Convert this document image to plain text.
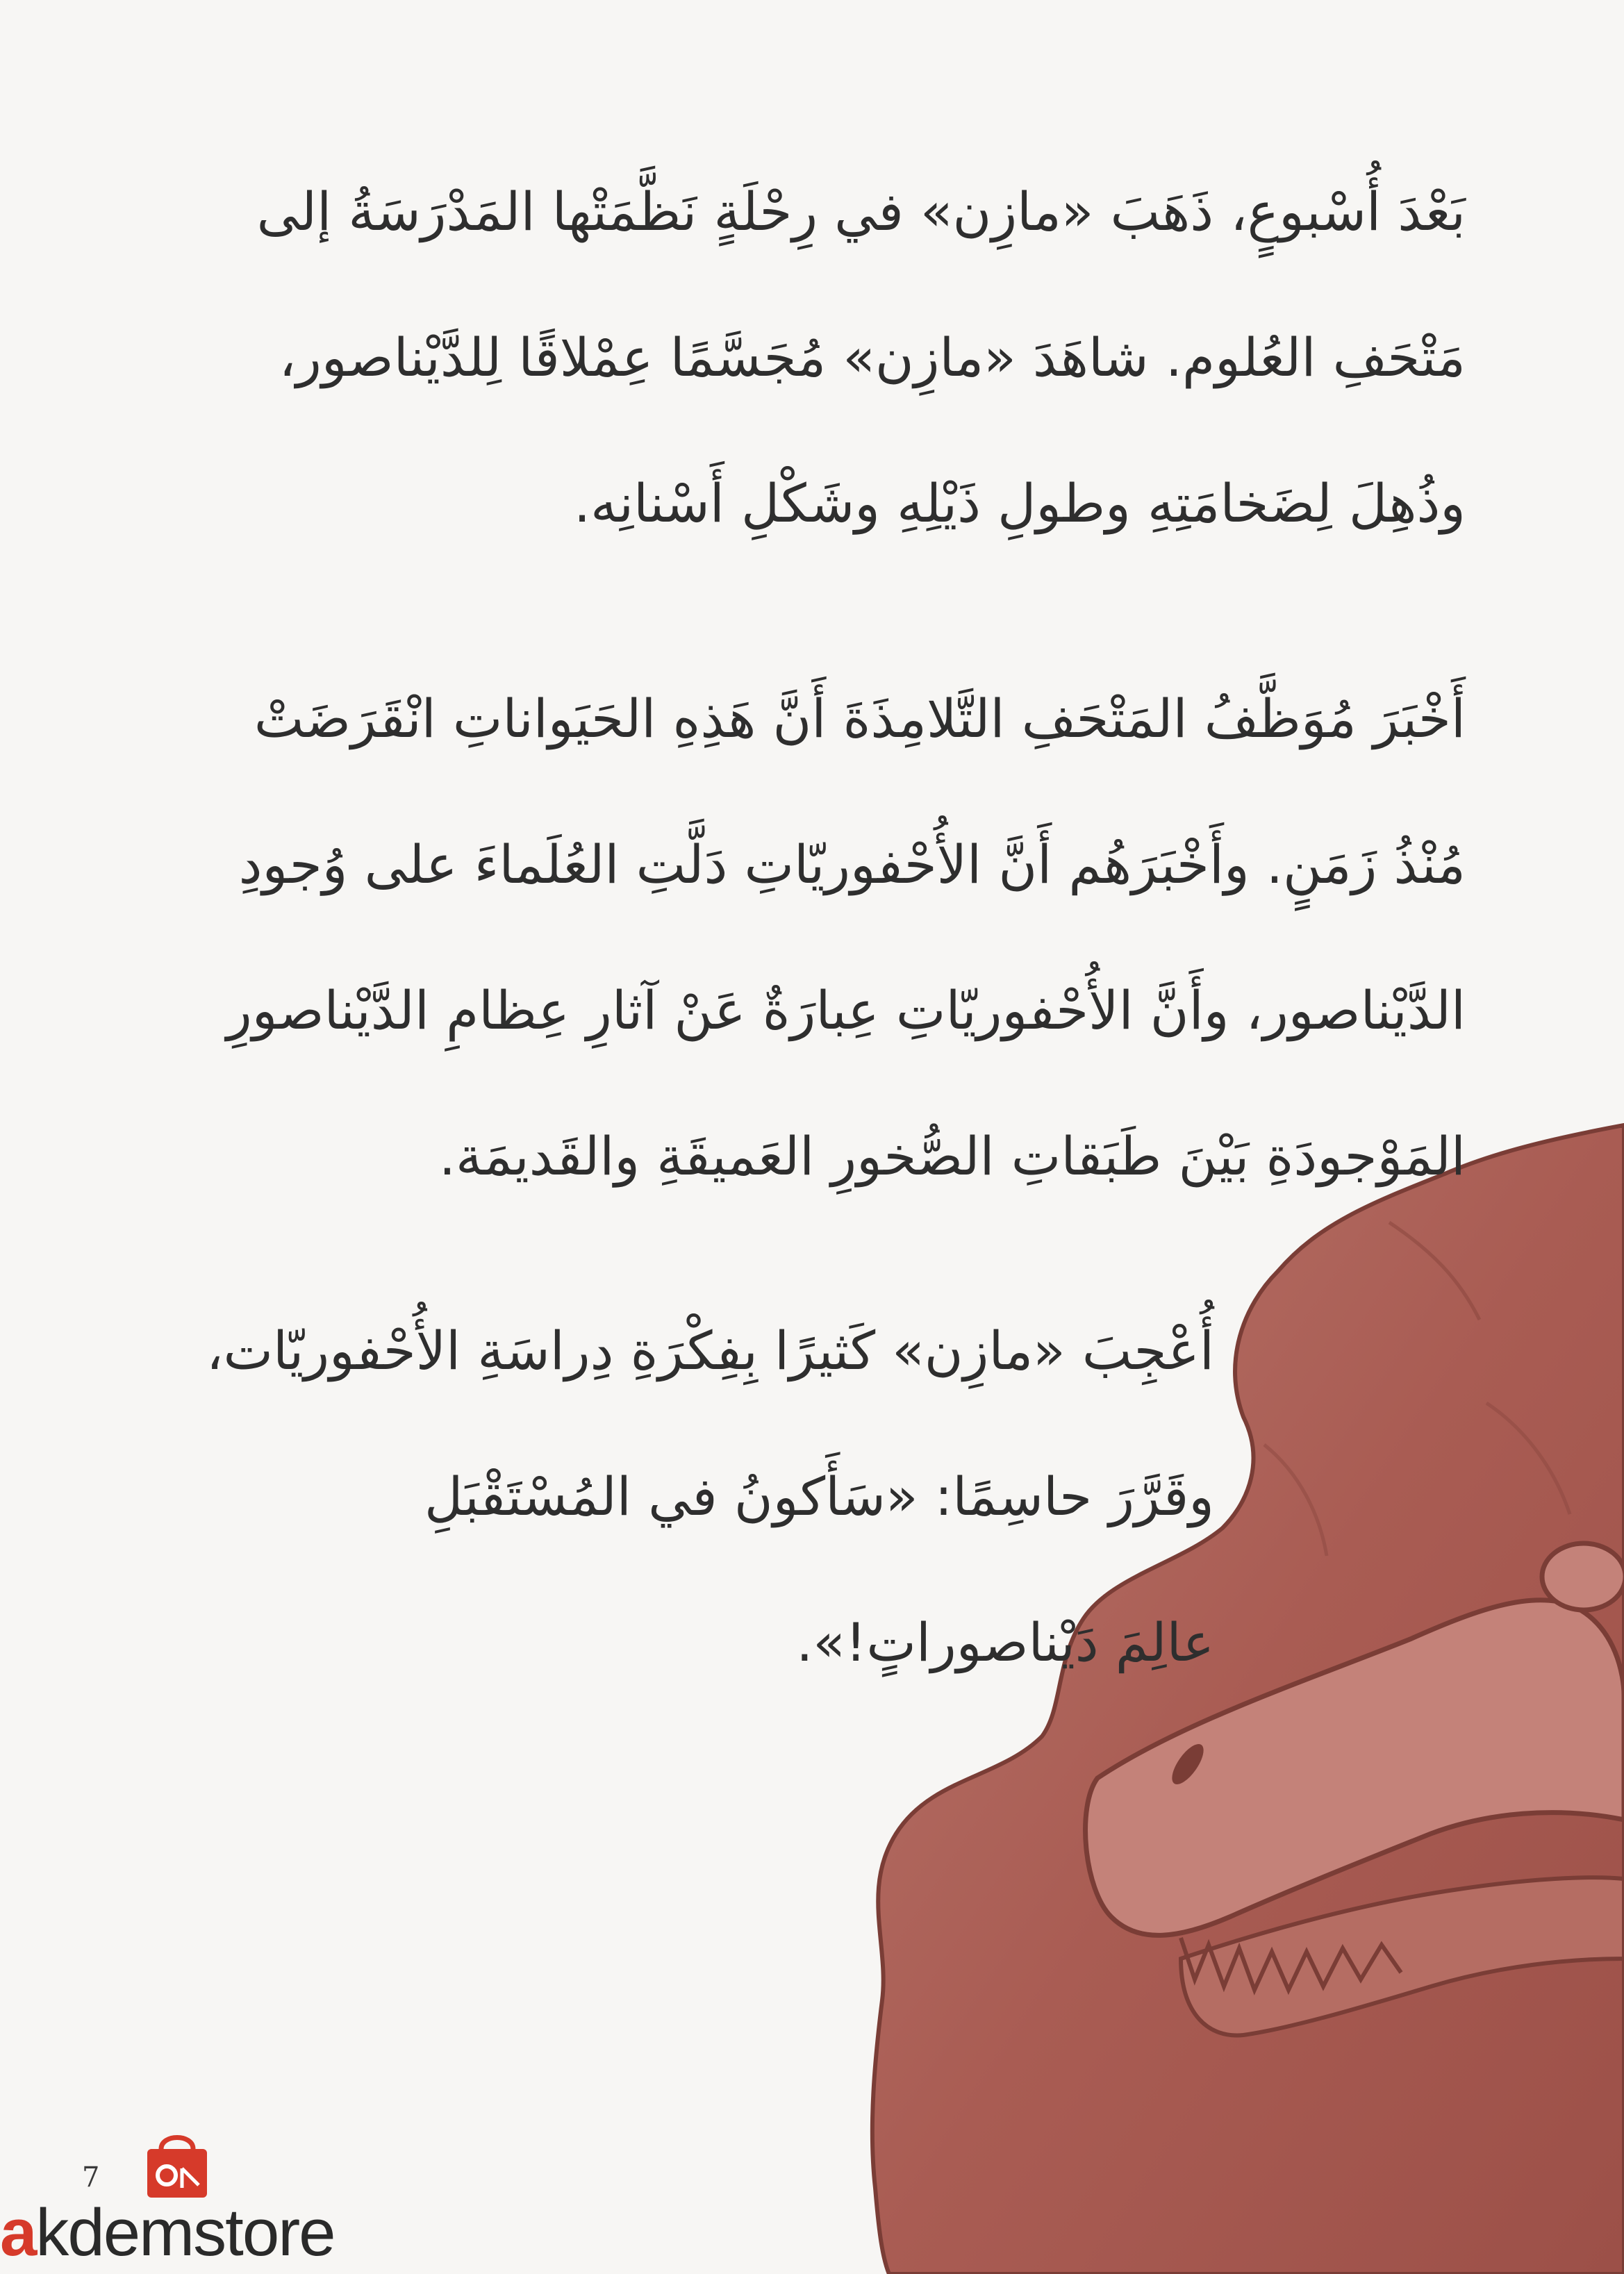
بَعْدَ أُسْبوعٍ، ذَهَبَ «مازِن» في رِحْلَةٍ نَظَّمَتْها المَدْرَسَةُ إلى
مَتْحَفِ العُلوم. شاهَدَ «مازِن» مُجَسَّمًا عِمْلاقًا لِلدَّيْناصور،
وذُهِلَ لِضَخامَتِهِ وطولِ ذَيْلِهِ وشَكْلِ أَسْنانِه.

أَخْبَرَ مُوَظَّفُ المَتْحَفِ التَّلامِذَةَ أَنَّ هَذِهِ الحَيَواناتِ انْقَرَضَتْ
مُنْذُ زَمَنٍ. وأَخْبَرَهُم أَنَّ الأُحْفوريّاتِ دَلَّتِ العُلَماءَ على وُجودِ
الدَّيْناصور، وأَنَّ الأُحْفوريّاتِ عِبارَةٌ عَنْ آثارِ عِظامِ الدَّيْناصورِ
المَوْجودَةِ بَيْنَ طَبَقاتِ الصُّخورِ العَميقَةِ والقَديمَة.

أُعْجِبَ «مازِن» كَثيرًا بِفِكْرَةِ دِراسَةِ الأُحْفوريّات،
وقَرَّرَ حاسِمًا: «سَأَكونُ في المُسْتَقْبَلِ
عالِمَ دَيْناصوراتٍ!».

7
akdemstore
